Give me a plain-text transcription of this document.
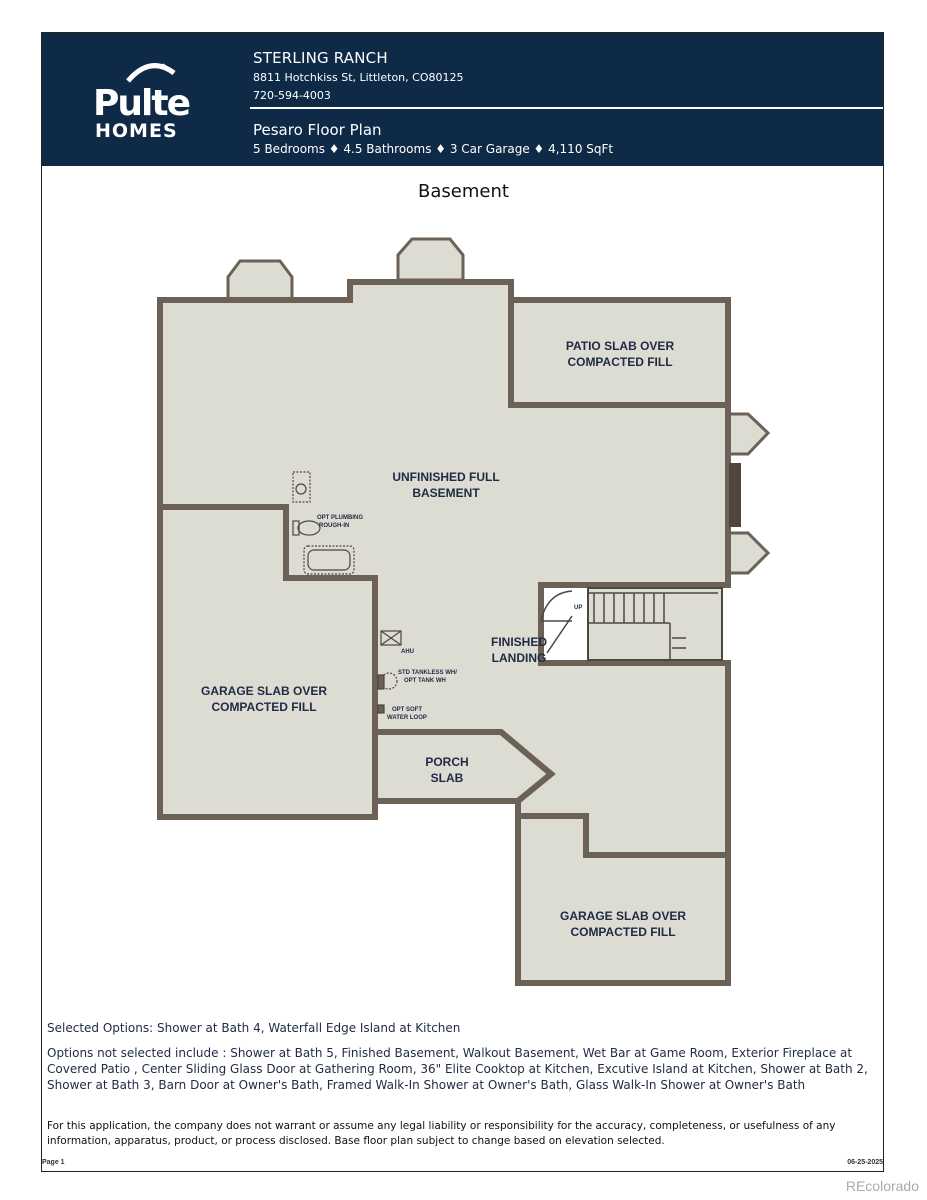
Pulte
HOMES
STERLING RANCH
8811 Hotchkiss St, Littleton, CO80125
720-594-4003
Pesaro Floor Plan
5 Bedrooms ♦ 4.5 Bathrooms ♦ 3 Car Garage ♦ 4,110 SqFt
Basement
PATIO SLAB OVER
COMPACTED FILL
UNFINISHED FULL
BASEMENT
GARAGE SLAB OVER
COMPACTED FILL
FINISHED
LANDING
PORCH
SLAB
GARAGE SLAB OVER
COMPACTED FILL
OPT PLUMBING
ROUGH-IN
AHU
STD TANKLESS WH/
OPT TANK WH
OPT SOFT
WATER LOOP
UP
Selected Options: Shower at Bath 4, Waterfall Edge Island at Kitchen
Options not selected include : Shower at Bath 5, Finished Basement, Walkout Basement, Wet Bar at Game Room, Exterior Fireplace at Covered Patio , Center Sliding Glass Door at Gathering Room, 36" Elite Cooktop at Kitchen, Excutive Island at Kitchen, Shower at Bath 2, Shower at Bath 3, Barn Door at Owner's Bath, Framed Walk-In Shower at Owner's Bath, Glass Walk-In Shower at Owner's Bath
For this application, the company does not warrant or assume any legal liability or responsibility for the accuracy, completeness, or usefulness of any information, apparatus, product, or process disclosed. Base floor plan subject to change based on elevation selected.
Page 1	06-25-2025
REcolorado
